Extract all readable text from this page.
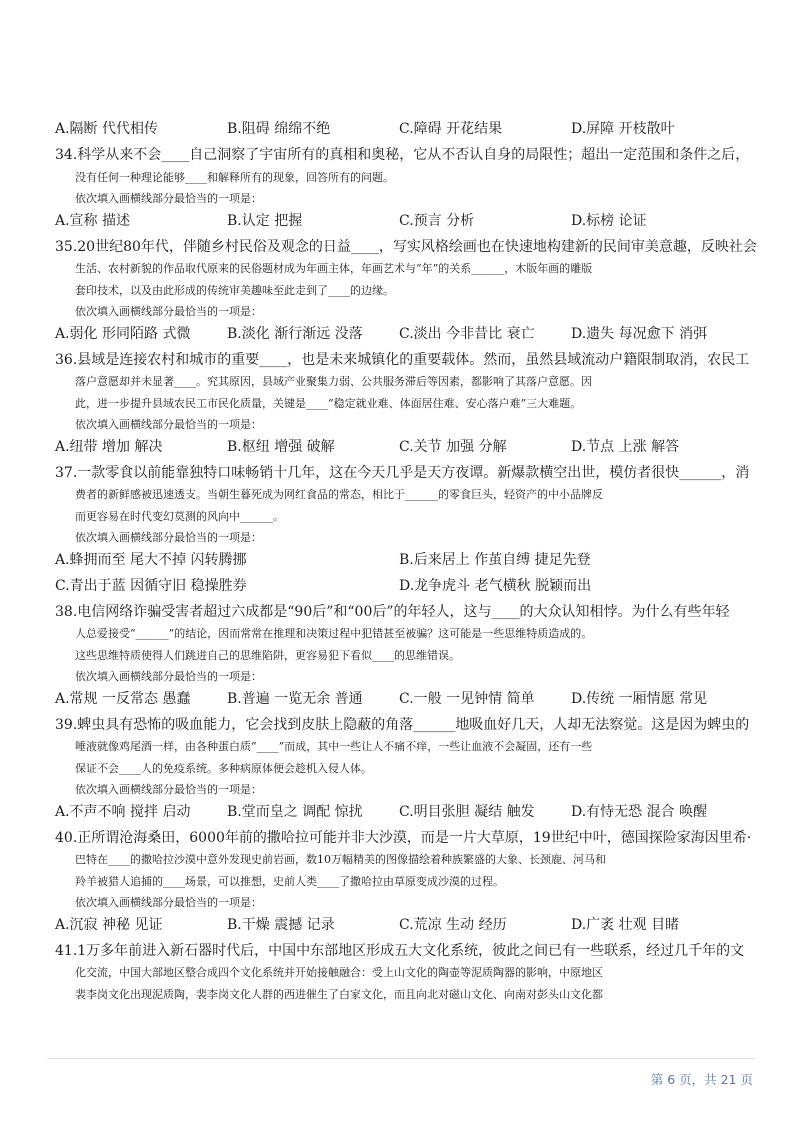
A.隔断 代代相传	B.阻碍 绵绵不绝	C.障碍 开花结果	D.屏障 开枝散叶
34.科学从来不会____自己洞察了宇宙所有的真相和奥秘，它从不否认自身的局限性；超出一定范围和条件之后，
没有任何一种理论能够____和解释所有的现象，回答所有的问题。
依次填入画横线部分最恰当的一项是：
A.宣称 描述	B.认定 把握	C.预言 分析	D.标榜 论证
35.20世纪80年代，伴随乡村民俗及观念的日益____，写实风格绘画也在快速地构建新的民间审美意趣，反映社会
生活、农村新貌的作品取代原来的民俗题材成为年画主体，年画艺术与“年”的关系______，木版年画的雕版
套印技术，以及由此形成的传统审美趣味至此走到了____的边缘。
依次填入画横线部分最恰当的一项是：
A.弱化 形同陌路 式微	B.淡化 渐行渐远 没落	C.淡出 今非昔比 衰亡	D.遗失 每况愈下 消弭
36.县域是连接农村和城市的重要____，也是未来城镇化的重要载体。然而，虽然县域流动户籍限制取消，农民工
落户意愿却并未显著____。究其原因，县域产业聚集力弱、公共服务滞后等因素，都影响了其落户意愿。因
此，进一步提升县域农民工市民化质量，关键是____“稳定就业难、体面居住难、安心落户难”三大难题。
依次填入画横线部分最恰当的一项是：
A.纽带 增加 解决	B.枢纽 增强 破解	C.关节 加强 分解	D.节点 上涨 解答
37.一款零食以前能靠独特口味畅销十几年，这在今天几乎是天方夜谭。新爆款横空出世，模仿者很快______，消
费者的新鲜感被迅速透支。当朝生暮死成为网红食品的常态，相比于______的零食巨头，轻资产的中小品牌反
而更容易在时代变幻莫测的风向中______。
依次填入画横线部分最恰当的一项是：
A.蜂拥而至 尾大不掉 闪转腾挪	B.后来居上 作茧自缚 捷足先登
C.青出于蓝 因循守旧 稳操胜券	D.龙争虎斗 老气横秋 脱颖而出
38.电信网络诈骗受害者超过六成都是“90后”和“00后”的年轻人，这与____的大众认知相悖。为什么有些年轻
人总爱接受“______”的结论，因而常常在推理和决策过程中犯错甚至被骗？这可能是一些思维特质造成的。
这些思维特质使得人们跳进自己的思维陷阱，更容易犯下看似____的思维错误。
依次填入画横线部分最恰当的一项是：
A.常规 一反常态 愚蠢	B.普遍 一览无余 普通	C.一般 一见钟情 简单	D.传统 一厢情愿 常见
39.蜱虫具有恐怖的吸血能力，它会找到皮肤上隐蔽的角落______地吸血好几天，人却无法察觉。这是因为蜱虫的
唾液就像鸡尾酒一样，由各种蛋白质“____”而成，其中一些让人不痛不痒，一些让血液不会凝固，还有一些
保证不会____人的免疫系统。多种病原体便会趁机入侵人体。
依次填入画横线部分最恰当的一项是：
A.不声不响 搅拌 启动	B.堂而皇之 调配 惊扰	C.明目张胆 凝结 触发	D.有恃无恐 混合 唤醒
40.正所谓沧海桑田，6000年前的撒哈拉可能并非大沙漠，而是一片大草原，19世纪中叶，德国探险家海因里希·
巴特在____的撒哈拉沙漠中意外发现史前岩画，数10万幅精美的图像描绘着种族繁盛的大象、长颈鹿、河马和
羚羊被猎人追捕的____场景，可以推想，史前人类____了撒哈拉由草原变成沙漠的过程。
依次填入画横线部分最恰当的一项是：
A.沉寂 神秘 见证	B.干燥 震撼 记录	C.荒凉 生动 经历	D.广袤 壮观 目睹
41.1万多年前进入新石器时代后，中国中东部地区形成五大文化系统，彼此之间已有一些联系，经过几千年的文
化交流，中国大部地区整合成四个文化系统并开始接触融合：受上山文化的陶壶等泥质陶器的影响，中原地区
裴李岗文化出现泥质陶，裴李岗文化人群的西进催生了白家文化，而且向北对磁山文化、向南对彭头山文化都
第 6 页，共 21 页
